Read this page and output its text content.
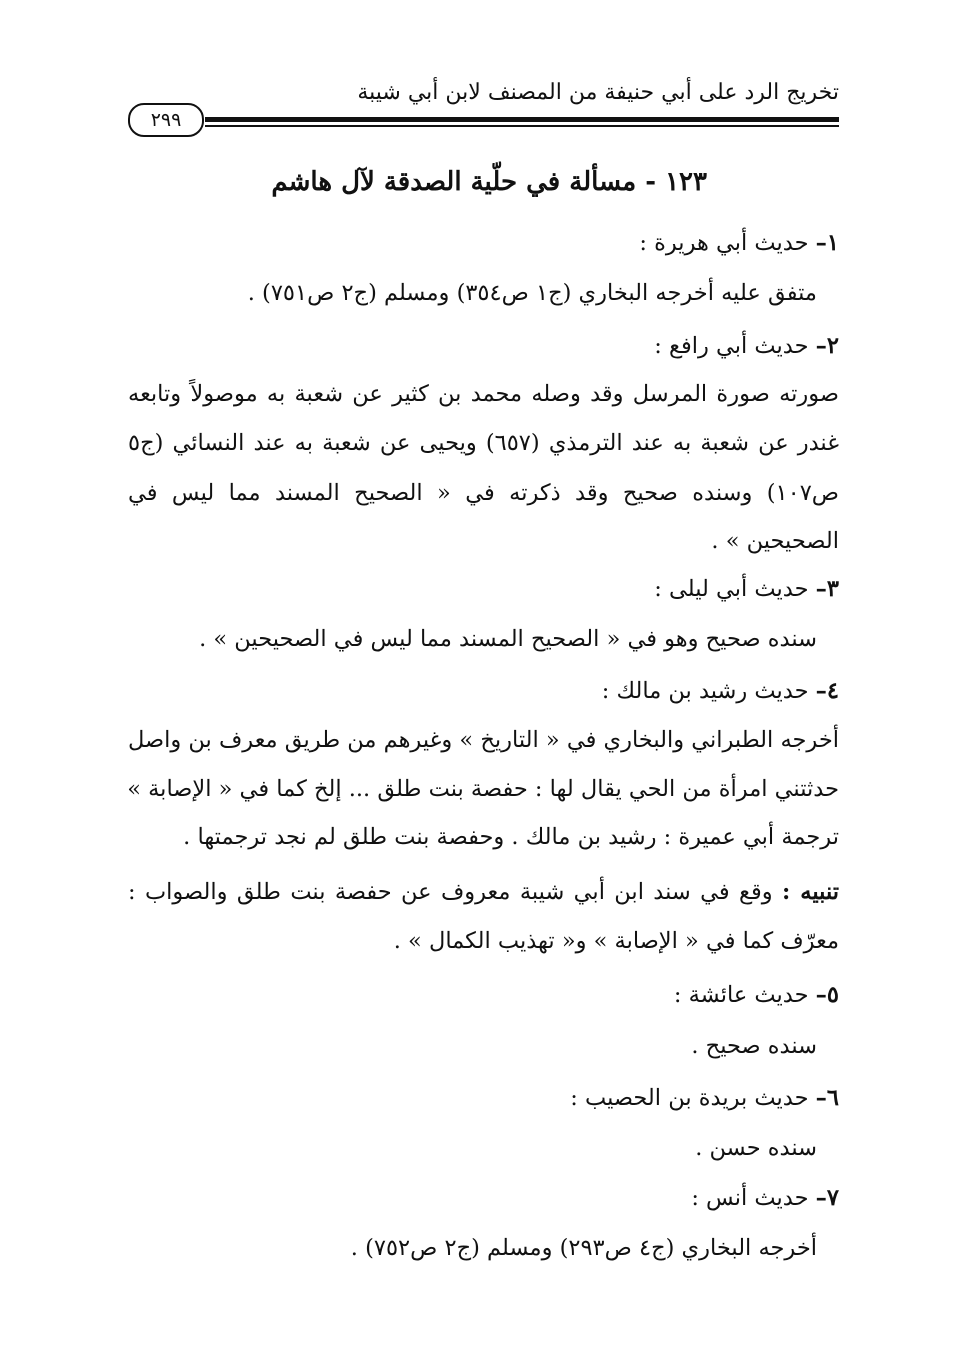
تخريج الرد على أبي حنيفة من المصنف لابن أبي شيبة
٢٩٩
١٢٣ - مسألة في حلّية الصدقة لآل هاشم
١– حديث أبي هريرة :
متفق عليه أخرجه البخاري (ج١ ص٣٥٤) ومسلم (ج٢ ص٧٥١) .
٢– حديث أبي رافع :
صورته صورة المرسل وقد وصله محمد بن كثير عن شعبة به موصولاً وتابعه
غندر عن شعبة به عند الترمذي (٦٥٧) ويحيى عن شعبة به عند النسائي (ج٥
ص١٠٧) وسنده صحيح وقد ذكرته في « الصحيح المسند مما ليس في
الصحيحين » .
٣– حديث أبي ليلى :
سنده صحيح وهو في « الصحيح المسند مما ليس في الصحيحين » .
٤– حديث رشيد بن مالك :
أخرجه الطبراني والبخاري في « التاريخ » وغيرهم من طريق معرف بن واصل
حدثتني امرأة من الحي يقال لها : حفصة بنت طلق ... إلخ كما في « الإصابة »
ترجمة أبي عميرة : رشيد بن مالك . وحفصة بنت طلق لم نجد ترجمتها .
تنبيه : وقع في سند ابن أبي شيبة معروف عن حفصة بنت طلق والصواب :
معرّف كما في « الإصابة » و« تهذيب الكمال » .
٥– حديث عائشة :
سنده صحيح .
٦– حديث بريدة بن الحصيب :
سنده حسن .
٧– حديث أنس :
أخرجه البخاري (ج٤ ص٢٩٣) ومسلم (ج٢ ص٧٥٢) .
